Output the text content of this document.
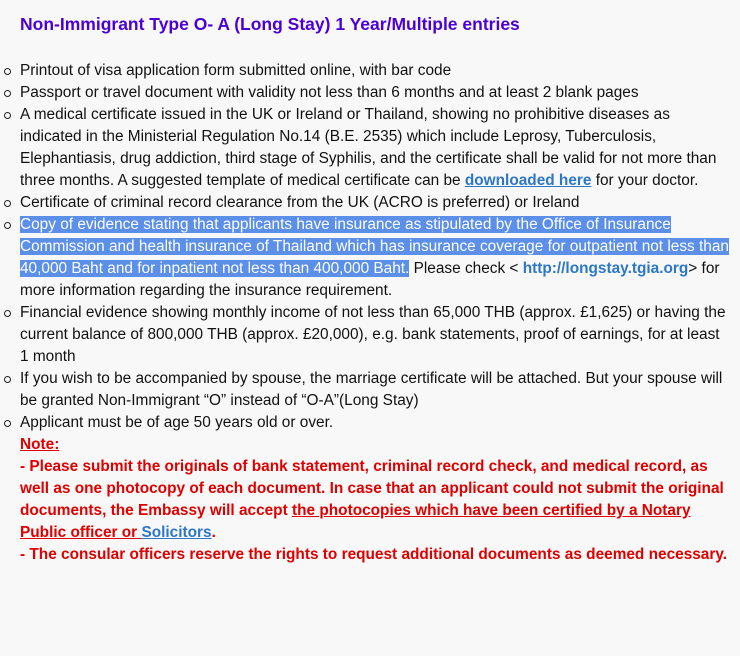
Non-Immigrant Type O- A (Long Stay) 1 Year/Multiple entries
Printout of visa application form submitted online, with bar code
Passport or travel document with validity not less than 6 months and at least 2 blank pages
A medical certificate issued in the UK or Ireland or Thailand, showing no prohibitive diseases as indicated in the Ministerial Regulation No.14 (B.E. 2535) which include Leprosy, Tuberculosis, Elephantiasis, drug addiction, third stage of Syphilis, and the certificate shall be valid for not more than three months. A suggested template of medical certificate can be downloaded here for your doctor.
Certificate of criminal record clearance from the UK (ACRO is preferred) or Ireland
Copy of evidence stating that applicants have insurance as stipulated by the Office of Insurance Commission and health insurance of Thailand which has insurance coverage for outpatient not less than 40,000 Baht and for inpatient not less than 400,000 Baht. Please check < http://longstay.tgia.org> for more information regarding the insurance requirement.
Financial evidence showing monthly income of not less than 65,000 THB (approx. £1,625) or having the current balance of 800,000 THB (approx. £20,000), e.g. bank statements, proof of earnings, for at least 1 month
If you wish to be accompanied by spouse, the marriage certificate will be attached. But your spouse will be granted Non-Immigrant “O” instead of “O-A”(Long Stay)
Applicant must be of age 50 years old or over.
Note:
- Please submit the originals of bank statement, criminal record check, and medical record, as well as one photocopy of each document. In case that an applicant could not submit the original documents, the Embassy will accept the photocopies which have been certified by a Notary Public officer or Solicitors.
- The consular officers reserve the rights to request additional documents as deemed necessary.
